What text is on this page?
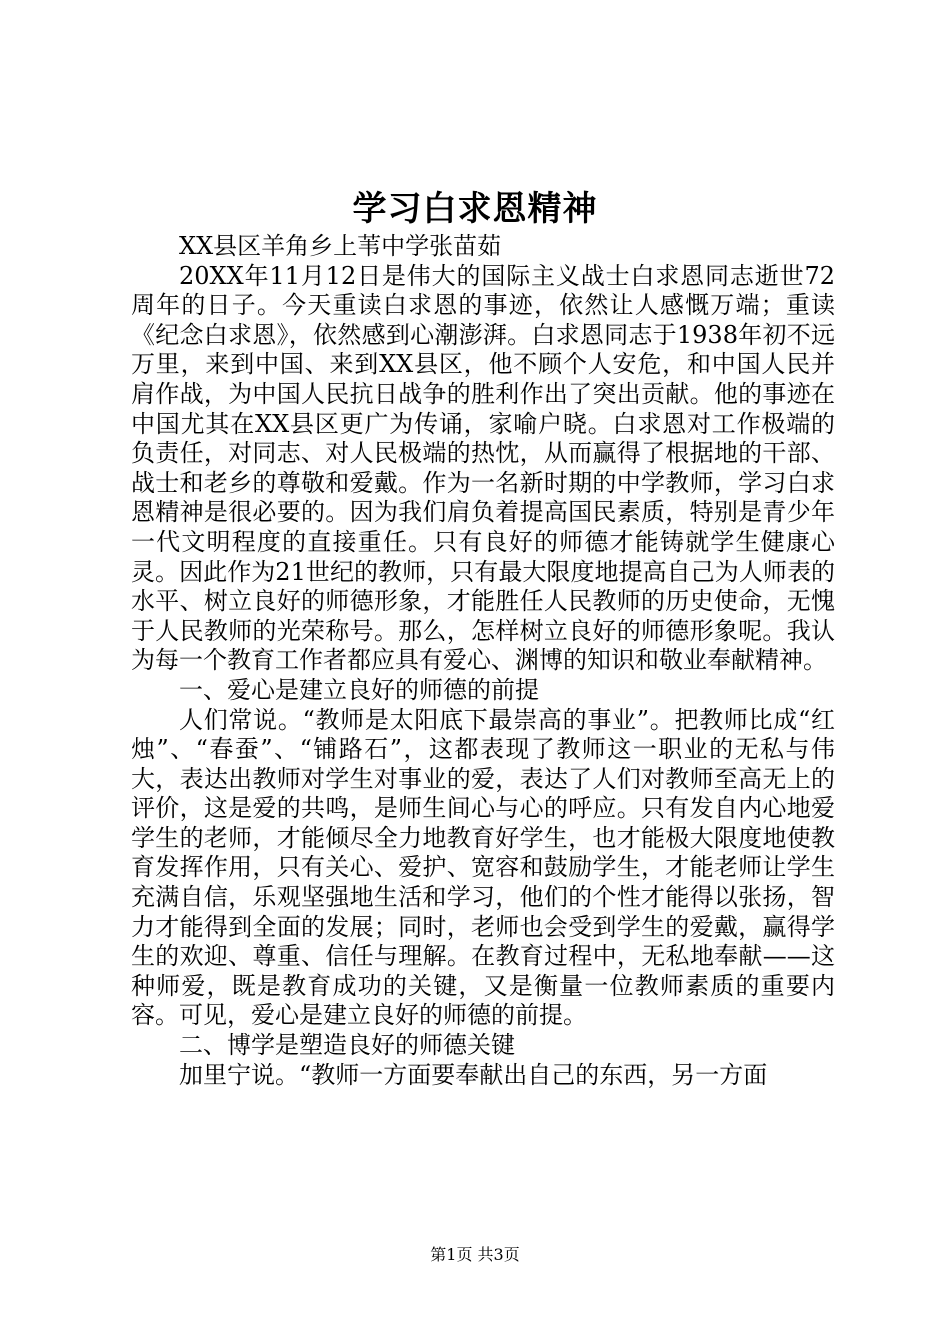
学习白求恩精神

XX县区羊角乡上苇中学张苗茹

20XX年11月12日是伟大的国际主义战士白求恩同志逝世72周年的日子。今天重读白求恩的事迹，依然让人感慨万端；重读《纪念白求恩》，依然感到心潮澎湃。白求恩同志于1938年初不远万里，来到中国、来到XX县区，他不顾个人安危，和中国人民并肩作战，为中国人民抗日战争的胜利作出了突出贡献。他的事迹在中国尤其在XX县区更广为传诵，家喻户晓。白求恩对工作极端的负责任，对同志、对人民极端的热忱，从而赢得了根据地的干部、战士和老乡的尊敬和爱戴。作为一名新时期的中学教师，学习白求恩精神是很必要的。因为我们肩负着提高国民素质，特别是青少年一代文明程度的直接重任。只有良好的师德才能铸就学生健康心灵。因此作为21世纪的教师，只有最大限度地提高自己为人师表的水平、树立良好的师德形象，才能胜任人民教师的历史使命，无愧于人民教师的光荣称号。那么，怎样树立良好的师德形象呢。我认为每一个教育工作者都应具有爱心、渊博的知识和敬业奉献精神。

一、爱心是建立良好的师德的前提

人们常说。“教师是太阳底下最崇高的事业”。把教师比成“红烛”、“春蚕”、“铺路石”，这都表现了教师这一职业的无私与伟大，表达出教师对学生对事业的爱，表达了人们对教师至高无上的评价，这是爱的共鸣，是师生间心与心的呼应。只有发自内心地爱学生的老师，才能倾尽全力地教育好学生，也才能极大限度地使教育发挥作用，只有关心、爱护、宽容和鼓励学生，才能老师让学生充满自信，乐观坚强地生活和学习，他们的个性才能得以张扬，智力才能得到全面的发展；同时，老师也会受到学生的爱戴，赢得学生的欢迎、尊重、信任与理解。在教育过程中，无私地奉献——这种师爱，既是教育成功的关键，又是衡量一位教师素质的重要内容。可见，爱心是建立良好的师德的前提。

二、博学是塑造良好的师德关键

加里宁说。“教师一方面要奉献出自己的东西，另一方面

第1页 共3页
